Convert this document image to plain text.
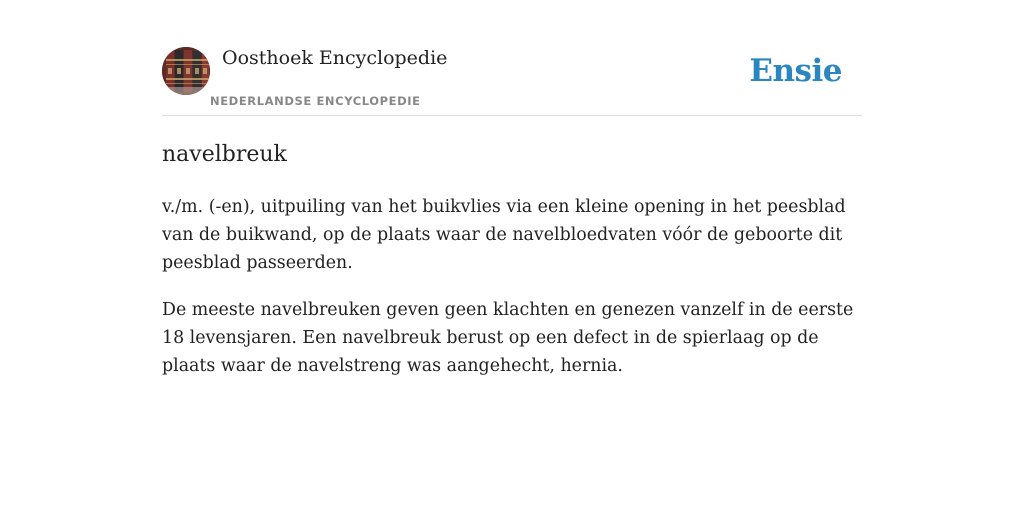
Oosthoek Encyclopedie
NEDERLANDSE ENCYCLOPEDIE
Ensie
navelbreuk

v./m. (-en), uitpuiling van het buikvlies via een kleine opening in het peesblad van de buikwand, op de plaats waar de navelbloedvaten vóór de geboorte dit peesblad passeerden.

De meeste navelbreuken geven geen klachten en genezen vanzelf in de eerste 18 levensjaren. Een navelbreuk berust op een defect in de spierlaag op de plaats waar de navelstreng was aangehecht, hernia.
